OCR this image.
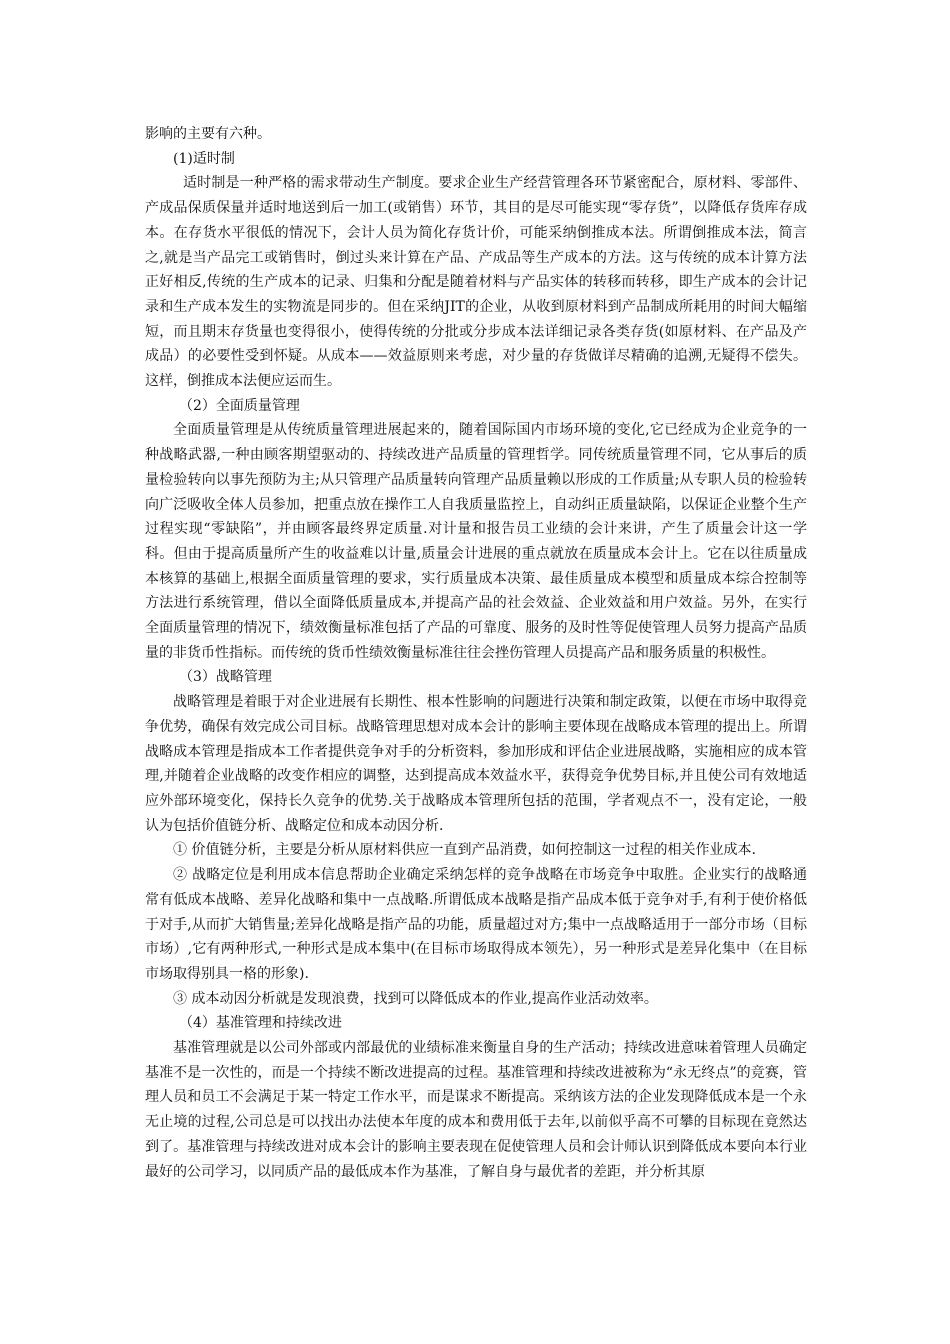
影响的主要有六种。

(1)适时制

适时制是一种严格的需求带动生产制度。要求企业生产经营管理各环节紧密配合，原材料、零部件、产成品保质保量并适时地送到后一加工(或销售）环节，其目的是尽可能实现“零存货”，以降低存货库存成本。在存货水平很低的情况下，会计人员为简化存货计价，可能采纳倒推成本法。所谓倒推成本法，简言之,就是当产品完工或销售时，倒过头来计算在产品、产成品等生产成本的方法。这与传统的成本计算方法正好相反,传统的生产成本的记录、归集和分配是随着材料与产品实体的转移而转移，即生产成本的会计记录和生产成本发生的实物流是同步的。但在采纳JIT的企业，从收到原材料到产品制成所耗用的时间大幅缩短，而且期末存货量也变得很小，使得传统的分批或分步成本法详细记录各类存货(如原材料、在产品及产成品）的必要性受到怀疑。从成本——效益原则来考虑，对少量的存货做详尽精确的追溯,无疑得不偿失。这样，倒推成本法便应运而生。

（2）全面质量管理

全面质量管理是从传统质量管理进展起来的，随着国际国内市场环境的变化,它已经成为企业竞争的一种战略武器,一种由顾客期望驱动的、持续改进产品质量的管理哲学。同传统质量管理不同，它从事后的质量检验转向以事先预防为主;从只管理产品质量转向管理产品质量赖以形成的工作质量;从专职人员的检验转向广泛吸收全体人员参加，把重点放在操作工人自我质量监控上，自动纠正质量缺陷，以保证企业整个生产过程实现“零缺陷”，并由顾客最终界定质量.对计量和报告员工业绩的会计来讲，产生了质量会计这一学科。但由于提高质量所产生的收益难以计量,质量会计进展的重点就放在质量成本会计上。它在以往质量成本核算的基础上,根据全面质量管理的要求，实行质量成本决策、最佳质量成本模型和质量成本综合控制等方法进行系统管理，借以全面降低质量成本,并提高产品的社会效益、企业效益和用户效益。另外，在实行全面质量管理的情况下，绩效衡量标准包括了产品的可靠度、服务的及时性等促使管理人员努力提高产品质量的非货币性指标。而传统的货币性绩效衡量标准往往会挫伤管理人员提高产品和服务质量的积极性。

（3）战略管理

战略管理是着眼于对企业进展有长期性、根本性影响的问题进行决策和制定政策，以便在市场中取得竞争优势，确保有效完成公司目标。战略管理思想对成本会计的影响主要体现在战略成本管理的提出上。所谓战略成本管理是指成本工作者提供竞争对手的分析资料，参加形成和评估企业进展战略，实施相应的成本管理,并随着企业战略的改变作相应的调整，达到提高成本效益水平，获得竞争优势目标,并且使公司有效地适应外部环境变化，保持长久竞争的优势.关于战略成本管理所包括的范围，学者观点不一，没有定论，一般认为包括价值链分析、战略定位和成本动因分析.

① 价值链分析，主要是分析从原材料供应一直到产品消费，如何控制这一过程的相关作业成本.

② 战略定位是利用成本信息帮助企业确定采纳怎样的竞争战略在市场竞争中取胜。企业实行的战略通常有低成本战略、差异化战略和集中一点战略.所谓低成本战略是指产品成本低于竞争对手,有利于使价格低于对手,从而扩大销售量;差异化战略是指产品的功能，质量超过对方;集中一点战略适用于一部分市场（目标市场）,它有两种形式,一种形式是成本集中(在目标市场取得成本领先），另一种形式是差异化集中（在目标市场取得别具一格的形象).

③ 成本动因分析就是发现浪费，找到可以降低成本的作业,提高作业活动效率。

（4）基准管理和持续改进

基准管理就是以公司外部或内部最优的业绩标准来衡量自身的生产活动；持续改进意味着管理人员确定基准不是一次性的，而是一个持续不断改进提高的过程。基准管理和持续改进被称为“永无终点”的竞赛，管理人员和员工不会满足于某一特定工作水平，而是谋求不断提高。采纳该方法的企业发现降低成本是一个永无止境的过程,公司总是可以找出办法使本年度的成本和费用低于去年,以前似乎高不可攀的目标现在竟然达到了。基准管理与持续改进对成本会计的影响主要表现在促使管理人员和会计师认识到降低成本要向本行业最好的公司学习，以同质产品的最低成本作为基准，了解自身与最优者的差距，并分析其原
